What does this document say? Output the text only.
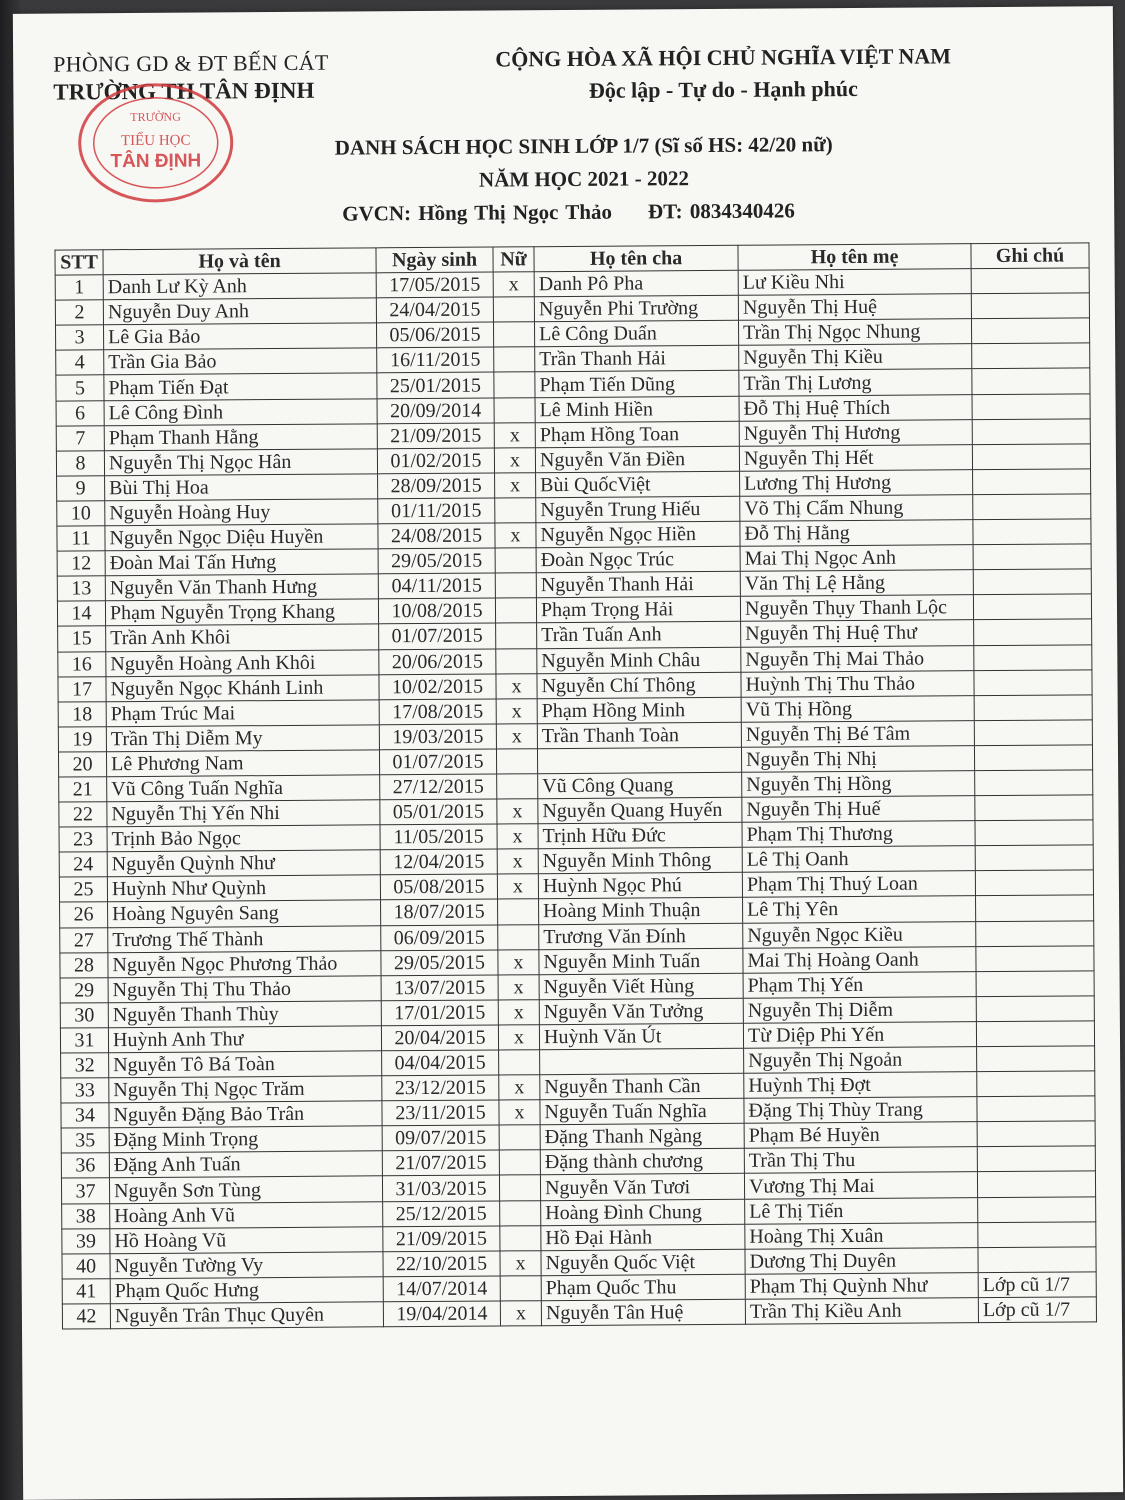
PHÒNG GD & ĐT BẾN CÁT
TRƯỜNG TH TÂN ĐỊNH
TRƯỜNG
TIỂU HỌC
TÂN ĐỊNH
CỘNG HÒA XÃ HỘI CHỦ NGHĨA VIỆT NAM
Độc lập - Tự do - Hạnh phúc
DANH SÁCH HỌC SINH LỚP 1/7 (Sĩ số HS: 42/20 nữ)
NĂM HỌC 2021 - 2022
GVCN: Hồng Thị Ngọc Thảo ĐT: 0834340426
STT	Họ và tên	Ngày sinh	Nữ	Họ tên cha	Họ tên mẹ	Ghi chú
1	Danh Lư Kỳ Anh	17/05/2015	x	Danh Pô Pha	Lư Kiều Nhi	
2	Nguyễn Duy Anh	24/04/2015		Nguyễn Phi Trường	Nguyễn Thị Huệ	
3	Lê Gia Bảo	05/06/2015		Lê Công Duẩn	Trần Thị Ngọc Nhung	
4	Trần Gia Bảo	16/11/2015		Trần Thanh Hải	Nguyễn Thị Kiều	
5	Phạm Tiến Đạt	25/01/2015		Phạm Tiến Dũng	Trần Thị Lương	
6	Lê Công Đình	20/09/2014		Lê Minh Hiền	Đỗ Thị Huệ Thích	
7	Phạm Thanh Hằng	21/09/2015	x	Phạm Hồng Toan	Nguyễn Thị Hương	
8	Nguyễn Thị Ngọc Hân	01/02/2015	x	Nguyễn Văn Điền	Nguyễn Thị Hết	
9	Bùi Thị Hoa	28/09/2015	x	Bùi QuốcViệt	Lương Thị Hương	
10	Nguyễn Hoàng Huy	01/11/2015		Nguyễn Trung Hiếu	Võ Thị Cẩm Nhung	
11	Nguyễn Ngọc Diệu Huyền	24/08/2015	x	Nguyễn Ngọc Hiền	Đỗ Thị Hằng	
12	Đoàn Mai Tấn Hưng	29/05/2015		Đoàn Ngọc Trúc	Mai Thị Ngọc Anh	
13	Nguyễn Văn Thanh Hưng	04/11/2015		Nguyễn Thanh Hải	Văn Thị Lệ Hằng	
14	Phạm Nguyễn Trọng Khang	10/08/2015		Phạm Trọng Hải	Nguyễn Thụy Thanh Lộc	
15	Trần Anh Khôi	01/07/2015		Trần Tuấn Anh	Nguyễn Thị Huệ Thư	
16	Nguyễn Hoàng Anh Khôi	20/06/2015		Nguyễn Minh Châu	Nguyễn Thị Mai Thảo	
17	Nguyễn Ngọc Khánh Linh	10/02/2015	x	Nguyễn Chí Thông	Huỳnh Thị Thu Thảo	
18	Phạm Trúc Mai	17/08/2015	x	Phạm Hồng Minh	Vũ Thị Hồng	
19	Trần Thị Diễm My	19/03/2015	x	Trần Thanh Toàn	Nguyễn Thị Bé Tâm	
20	Lê Phương Nam	01/07/2015			Nguyễn Thị Nhị	
21	Vũ Công Tuấn Nghĩa	27/12/2015		Vũ Công Quang	Nguyễn Thị Hồng	
22	Nguyễn Thị Yến Nhi	05/01/2015	x	Nguyễn Quang Huyến	Nguyễn Thị Huế	
23	Trịnh Bảo Ngọc	11/05/2015	x	Trịnh Hữu Đức	Phạm Thị Thương	
24	Nguyễn Quỳnh Như	12/04/2015	x	Nguyễn Minh Thông	Lê Thị Oanh	
25	Huỳnh Như Quỳnh	05/08/2015	x	Huỳnh Ngọc Phú	Phạm Thị Thuý Loan	
26	Hoàng Nguyên Sang	18/07/2015		Hoàng Minh Thuận	Lê Thị Yên	
27	Trương Thế Thành	06/09/2015		Trương Văn Đính	Nguyễn Ngọc Kiều	
28	Nguyễn Ngọc Phương Thảo	29/05/2015	x	Nguyễn Minh Tuấn	Mai Thị Hoàng Oanh	
29	Nguyễn Thị Thu Thảo	13/07/2015	x	Nguyễn Viết Hùng	Phạm Thị Yến	
30	Nguyễn Thanh Thùy	17/01/2015	x	Nguyễn Văn Tưởng	Nguyễn Thị Diễm	
31	Huỳnh Anh Thư	20/04/2015	x	Huỳnh Văn Út	Từ Diệp Phi Yến	
32	Nguyễn Tô Bá Toàn	04/04/2015			Nguyễn Thị Ngoản	
33	Nguyễn Thị Ngọc Trăm	23/12/2015	x	Nguyễn Thanh Cần	Huỳnh Thị Đợt	
34	Nguyễn Đặng Bảo Trân	23/11/2015	x	Nguyễn Tuấn Nghĩa	Đặng Thị Thùy Trang	
35	Đặng Minh Trọng	09/07/2015		Đặng Thanh Ngàng	Phạm Bé Huyền	
36	Đặng Anh Tuấn	21/07/2015		Đặng thành chương	Trần Thị Thu	
37	Nguyễn Sơn Tùng	31/03/2015		Nguyễn Văn Tươi	Vương Thị Mai	
38	Hoàng Anh Vũ	25/12/2015		Hoàng Đình Chung	Lê Thị Tiến	
39	Hồ Hoàng Vũ	21/09/2015		Hồ Đại Hành	Hoàng Thị Xuân	
40	Nguyễn Tường Vy	22/10/2015	x	Nguyễn Quốc Việt	Dương Thị Duyên	
41	Phạm Quốc Hưng	14/07/2014		Phạm Quốc Thu	Phạm Thị Quỳnh Như	Lớp cũ 1/7
42	Nguyễn Trân Thục Quyên	19/04/2014	x	Nguyễn Tân Huệ	Trần Thị Kiều Anh	Lớp cũ 1/7
